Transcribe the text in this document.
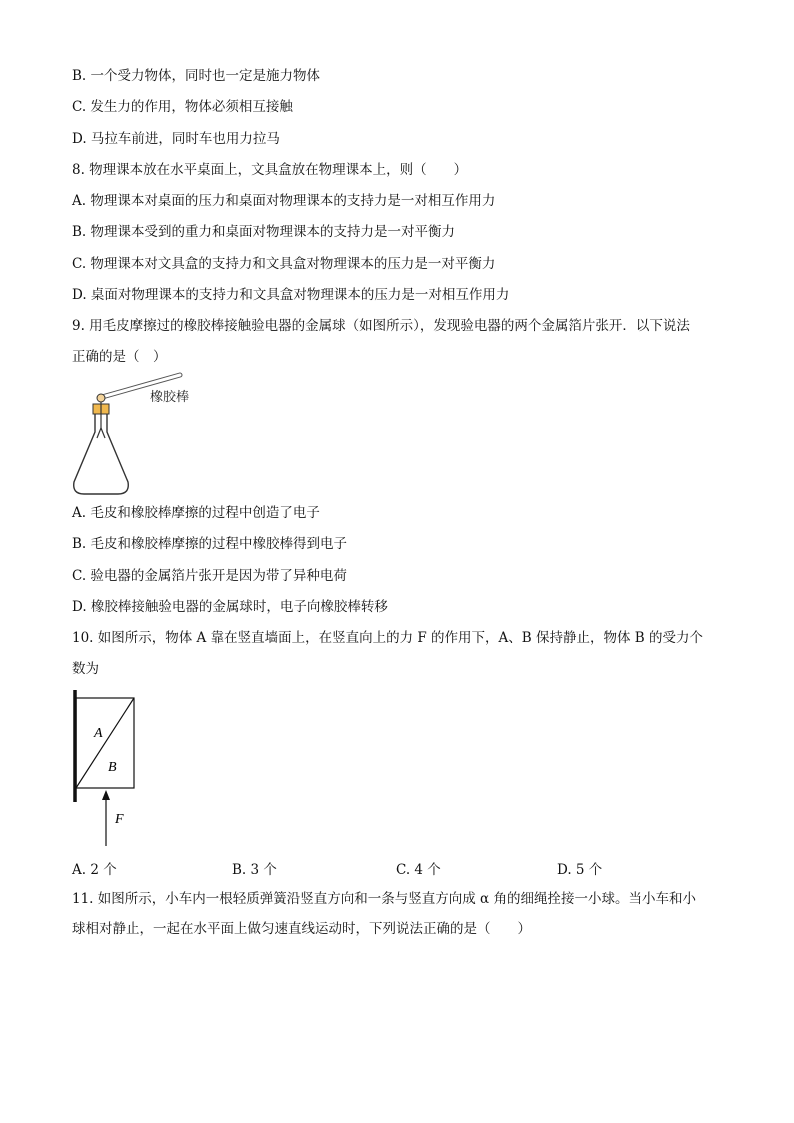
B. 一个受力物体，同时也一定是施力物体
C. 发生力的作用，物体必须相互接触
D. 马拉车前进，同时车也用力拉马
8. 物理课本放在水平桌面上，文具盒放在物理课本上，则（　　）
A. 物理课本对桌面的压力和桌面对物理课本的支持力是一对相互作用力
B. 物理课本受到的重力和桌面对物理课本的支持力是一对平衡力
C. 物理课本对文具盒的支持力和文具盒对物理课本的压力是一对平衡力
D. 桌面对物理课本的支持力和文具盒对物理课本的压力是一对相互作用力
9. 用毛皮摩擦过的橡胶棒接触验电器的金属球（如图所示），发现验电器的两个金属箔片张开．以下说法
正确的是（　）
橡胶棒
A. 毛皮和橡胶棒摩擦的过程中创造了电子
B. 毛皮和橡胶棒摩擦的过程中橡胶棒得到电子
C. 验电器的金属箔片张开是因为带了异种电荷
D. 橡胶棒接触验电器的金属球时，电子向橡胶棒转移
10. 如图所示，物体 A 靠在竖直墙面上，在竖直向上的力 F 的作用下，A、B 保持静止，物体 B 的受力个
数为
A
B
F
A. 2 个	B. 3 个	C. 4 个	D. 5 个
11. 如图所示，小车内一根轻质弹簧沿竖直方向和一条与竖直方向成 α 角的细绳拴接一小球。当小车和小
球相对静止，一起在水平面上做匀速直线运动时，下列说法正确的是（　　）
